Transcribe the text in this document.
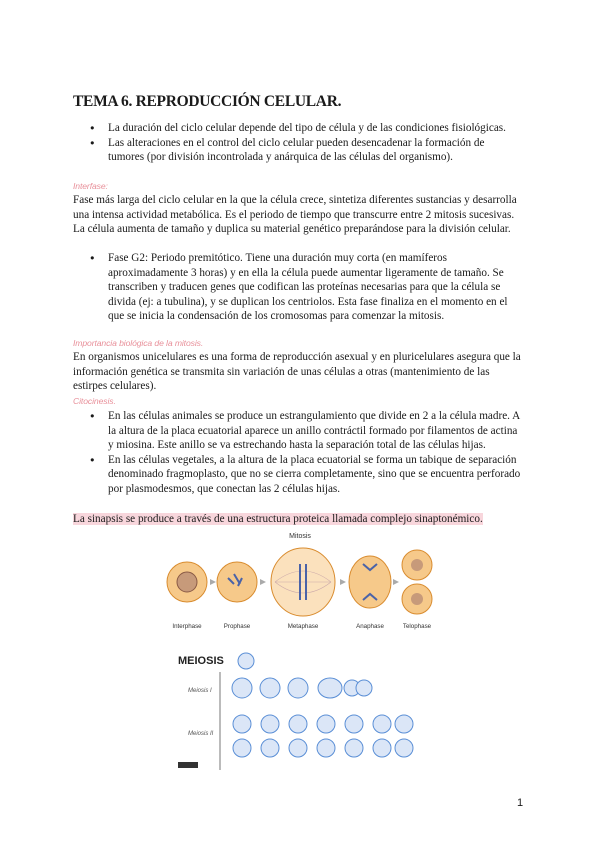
TEMA 6. REPRODUCCIÓN CELULAR.
● La duración del ciclo celular depende del tipo de célula y de las condiciones fisiológicas.
● Las alteraciones en el control del ciclo celular pueden desencadenar la formación de tumores (por división incontrolada y anárquica de las células del organismo).
Interfase:
Fase más larga del ciclo celular en la que la célula crece, sintetiza diferentes sustancias y desarrolla una intensa actividad metabólica. Es el periodo de tiempo que transcurre entre 2 mitosis sucesivas. La célula aumenta de tamaño y duplica su material genético preparándose para la división celular.
● Fase G2: Periodo premitótico. Tiene una duración muy corta (en mamíferos aproximadamente 3 horas) y en ella la célula puede aumentar ligeramente de tamaño. Se transcriben y traducen genes que codifican las proteínas necesarias para que la célula se divida (ej: a tubulina), y se duplican los centriolos. Esta fase finaliza en el momento en el que se inicia la condensación de los cromosomas para comenzar la mitosis.
Importancia biológica de la mitosis.
En organismos unicelulares es una forma de reproducción asexual y en pluricelulares asegura que la información genética se transmita sin variación de unas células a otras (mantenimiento de las estirpes celulares).
Citocinesis.
● En las células animales se produce un estrangulamiento que divide en 2 a la célula madre. A la altura de la placa ecuatorial aparece un anillo contráctil formado por filamentos de actina y miosina. Este anillo se va estrechando hasta la separación total de las células hijas.
● En las células vegetales, a la altura de la placa ecuatorial se forma un tabique de separación denominado fragmoplasto, que no se cierra completamente, sino que se encuentra perforado por plasmodesmos, que conectan las 2 células hijas.
La sinapsis se produce a través de una estructura proteica llamada complejo sinaptonémico.
Mitosis
Interphase	Prophase	Metaphase	Anaphase	Telophase
MEIOSIS
Meiosis I
Meiosis II
1
